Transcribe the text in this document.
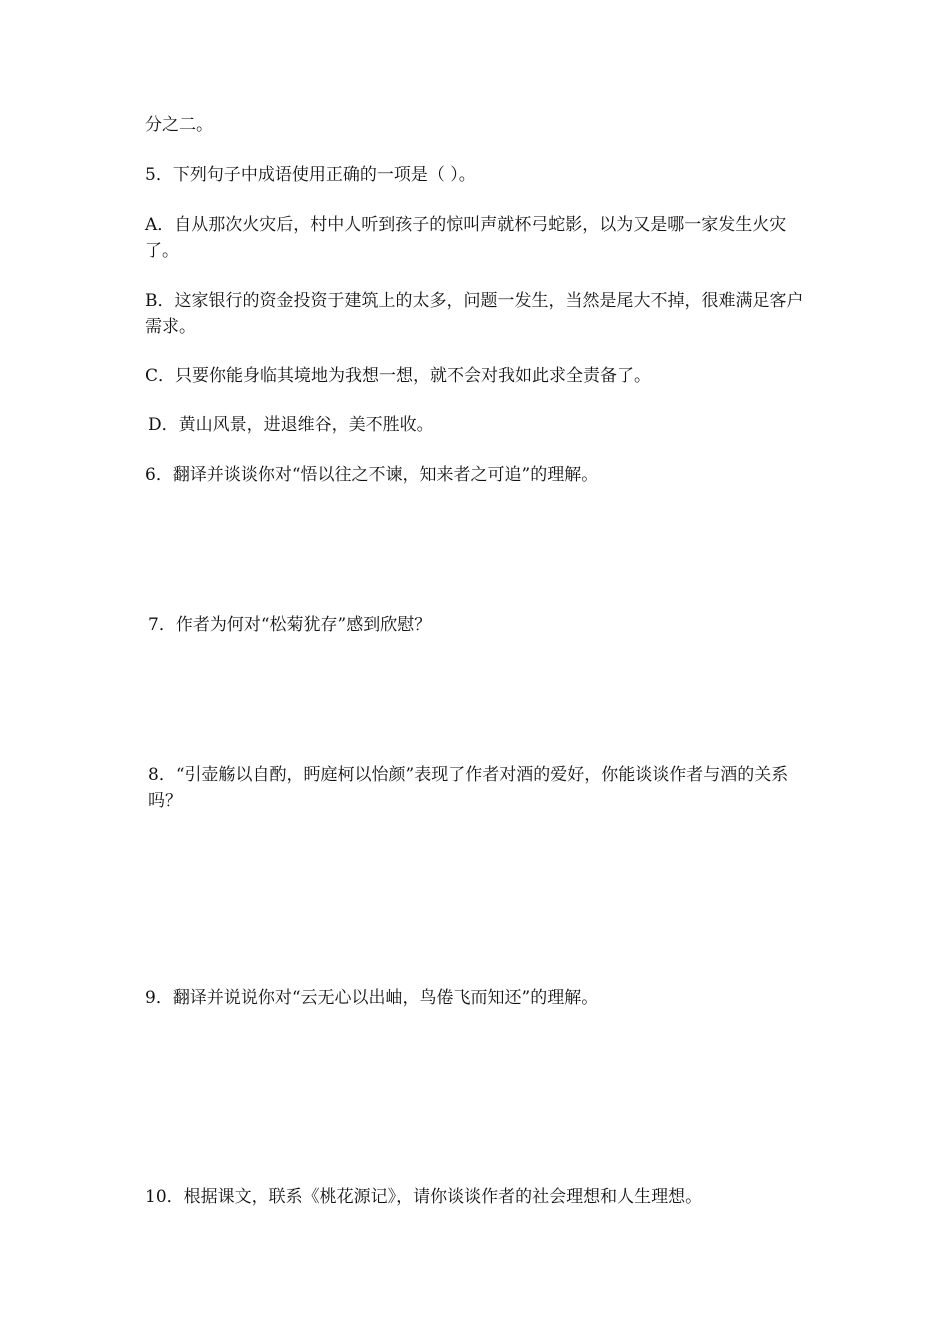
分之二。

5．下列句子中成语使用正确的一项是（ ）。

A．自从那次火灾后，村中人听到孩子的惊叫声就杯弓蛇影，以为又是哪一家发生火灾了。

B．这家银行的资金投资于建筑上的太多，问题一发生，当然是尾大不掉，很难满足客户需求。

C．只要你能身临其境地为我想一想，就不会对我如此求全责备了。

D．黄山风景，进退维谷，美不胜收。

6．翻译并谈谈你对“悟以往之不谏，知来者之可追”的理解。

7．作者为何对“松菊犹存”感到欣慰？

8．“引壶觞以自酌，眄庭柯以怡颜”表现了作者对酒的爱好，你能谈谈作者与酒的关系吗？

9．翻译并说说你对“云无心以出岫，鸟倦飞而知还”的理解。

10．根据课文，联系《桃花源记》，请你谈谈作者的社会理想和人生理想。
